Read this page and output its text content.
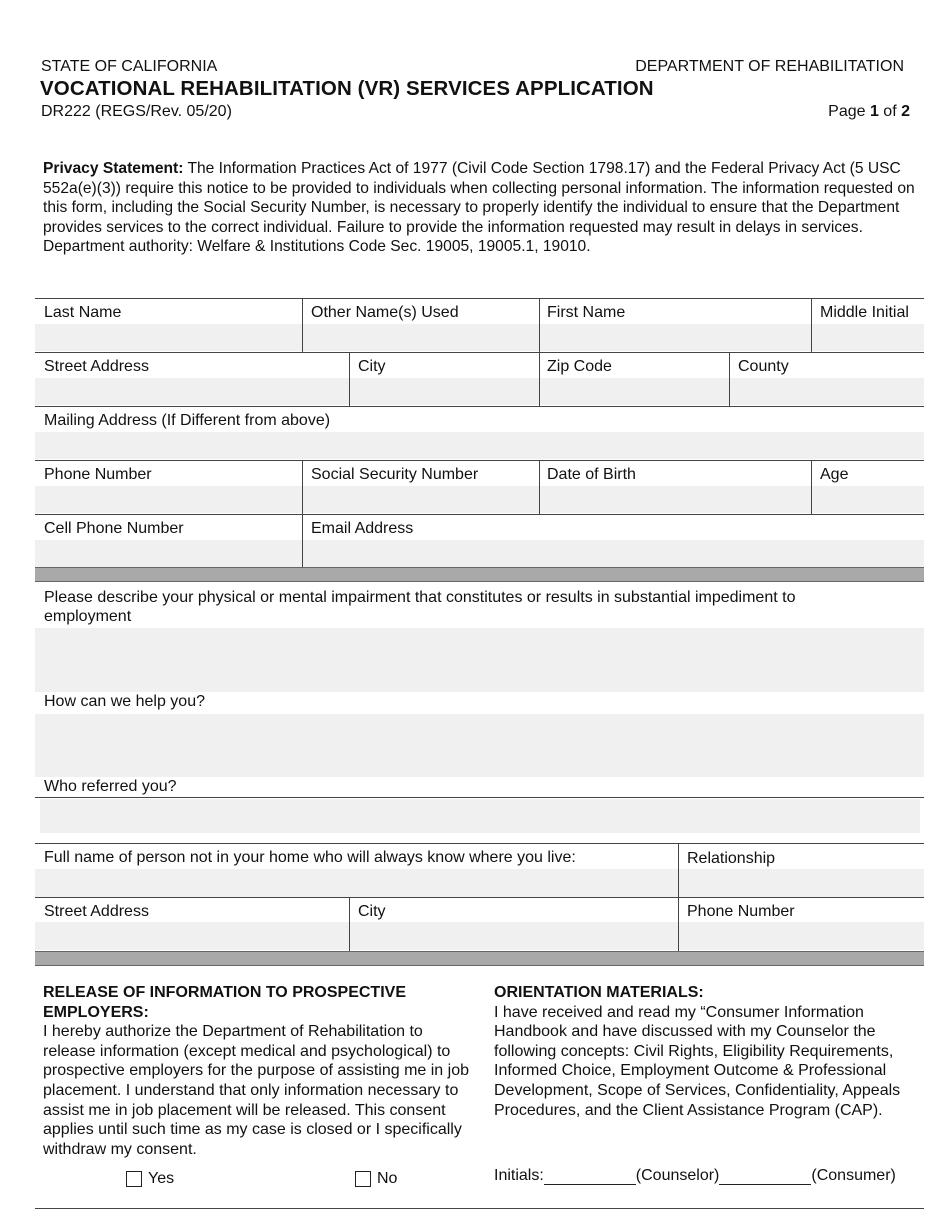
STATE OF CALIFORNIA	DEPARTMENT OF REHABILITATION
VOCATIONAL REHABILITATION (VR) SERVICES APPLICATION
DR222 (REGS/Rev. 05/20)	Page 1 of 2
Privacy Statement: The Information Practices Act of 1977 (Civil Code Section 1798.17) and the Federal Privacy Act (5 USC 552a(e)(3)) require this notice to be provided to individuals when collecting personal information. The information requested on this form, including the Social Security Number, is necessary to properly identify the individual to ensure that the Department provides services to the correct individual. Failure to provide the information requested may result in delays in services. Department authority: Welfare & Institutions Code Sec. 19005, 19005.1, 19010.
Last Name	Other Name(s) Used	First Name	Middle Initial
Street Address	City	Zip Code	County
Mailing Address (If Different from above)
Phone Number	Social Security Number	Date of Birth	Age
Cell Phone Number	Email Address
Please describe your physical or mental impairment that constitutes or results in substantial impediment to
employment
How can we help you?
Who referred you?
Full name of person not in your home who will always know where you live:	Relationship
Street Address	City	Phone Number
RELEASE OF INFORMATION TO PROSPECTIVE
EMPLOYERS:
I hereby authorize the Department of Rehabilitation to release information (except medical and psychological) to prospective employers for the purpose of assisting me in job placement. I understand that only information necessary to assist me in job placement will be released. This consent applies until such time as my case is closed or I specifically withdraw my consent.
Yes	No
ORIENTATION MATERIALS:
I have received and read my “Consumer Information Handbook and have discussed with my Counselor the following concepts: Civil Rights, Eligibility Requirements, Informed Choice, Employment Outcome & Professional Development, Scope of Services, Confidentiality, Appeals Procedures, and the Client Assistance Program (CAP).
Initials:	(Counselor)	(Consumer)
